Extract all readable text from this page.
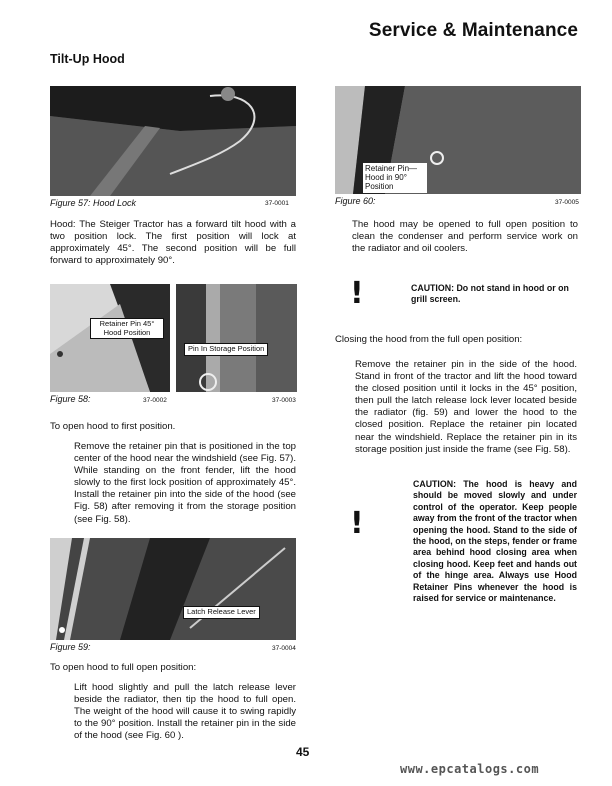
Service & Maintenance
Tilt-Up Hood
Figure 57: Hood Lock	37-0001

Hood: The Steiger Tractor has a forward tilt hood with a two position lock. The first position will lock at approximately 45°. The second position will be full forward to approximately 90°.

Retainer Pin 45° Hood Position
Figure 58:	37-0002
Pin In Storage Position
37-0003

To open hood to first position.

Remove the retainer pin that is positioned in the top center of the hood near the windshield (see Fig. 57). While standing on the front fender, lift the hood slowly to the first lock position of approximately 45°. Install the retainer pin into the side of the hood (see Fig. 58) after removing it from the storage position (see Fig. 58).

Latch Release Lever
Figure 59:	37-0004

To open hood to full open position:

Lift hood slightly and pull the latch release lever beside the radiator, then tip the hood to full open. The weight of the hood will cause it to swing rapidly to the 90° position. Install the retainer pin in the side of the hood (see Fig. 60 ).

Retainer Pin— Hood in 90° Position
Figure 60:	37-0005

The hood may be opened to full open position to clean the condenser and perform service work on the radiator and oil coolers.

!	CAUTION: Do not stand in hood or on grill screen.

Closing the hood from the full open position:

Remove the retainer pin in the side of the hood. Stand in front of the tractor and lift the hood toward the closed position until it locks in the 45° position, then pull the latch release lock lever located beside the radiator (fig. 59) and lower the hood to the closed position. Replace the retainer pin located near the windshield. Replace the retainer pin in its storage position just inside the frame (see Fig. 58).

!

CAUTION: The hood is heavy and should be moved slowly and under control of the operator. Keep people away from the front of the tractor when opening the hood. Stand to the side of the hood, on the steps, fender or frame area behind hood closing area when closing hood. Keep feet and hands out of the hinge area. Always use Hood Retainer Pins whenever the hood is raised for service or maintenance.

45
www.epcatalogs.com
